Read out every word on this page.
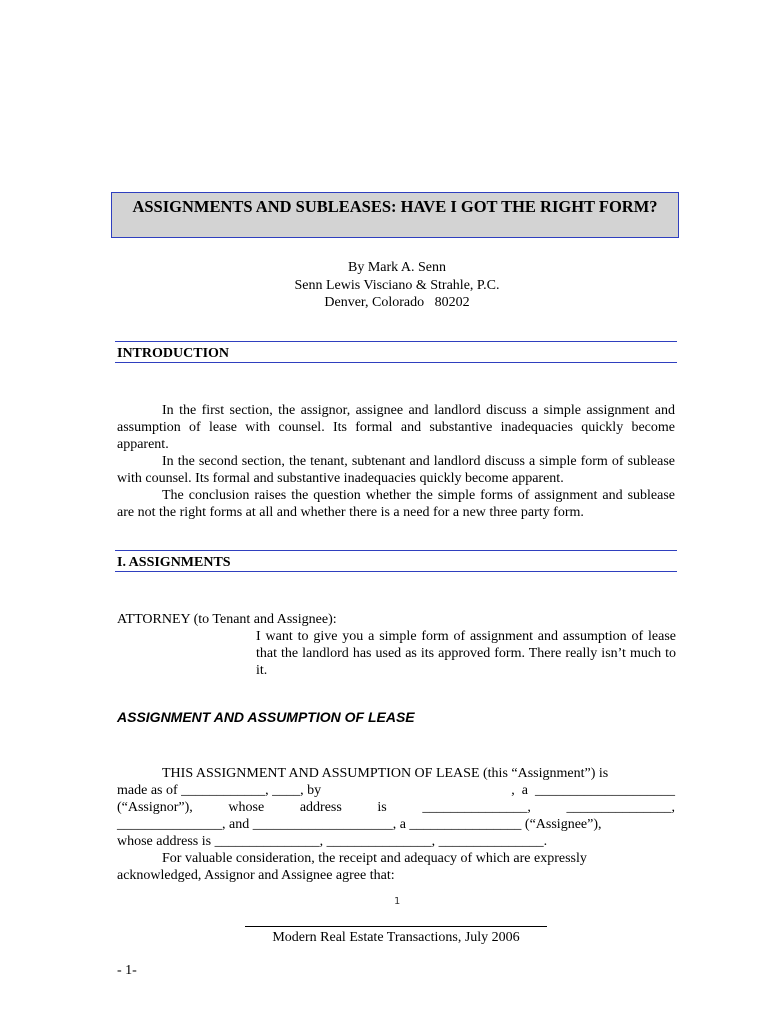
ASSIGNMENTS AND SUBLEASES: HAVE I GOT THE RIGHT FORM?
By Mark A. Senn
Senn Lewis Visciano & Strahle, P.C.
Denver, Colorado   80202
INTRODUCTION

In the first section, the assignor, assignee and landlord discuss a simple assignment and assumption of lease with counsel. Its formal and substantive inadequacies quickly become apparent.

In the second section, the tenant, subtenant and landlord discuss a simple form of sublease with counsel. Its formal and substantive inadequacies quickly become apparent.

The conclusion raises the question whether the simple forms of assignment and sublease are not the right forms at all and whether there is a need for a new three party form.

I. ASSIGNMENTS
ATTORNEY (to Tenant and Assignee):
I want to give you a simple form of assignment and assumption of lease that the landlord has used as its approved form. There really isn’t much to it.
ASSIGNMENT AND ASSUMPTION OF LEASE
THIS ASSIGNMENT AND ASSUMPTION OF LEASE (this “Assignment”) is
made as of ____________, ____, by	,  a  ____________________
(“Assignor”),	whose	address	is	_______________,	_______________,
_______________, and ____________________, a ________________ (“Assignee”),
whose address is _______________, _______________, _______________.
For valuable consideration, the receipt and adequacy of which are expressly
acknowledged, Assignor and Assignee agree that:
1
Modern Real Estate Transactions, July 2006
- 1-
